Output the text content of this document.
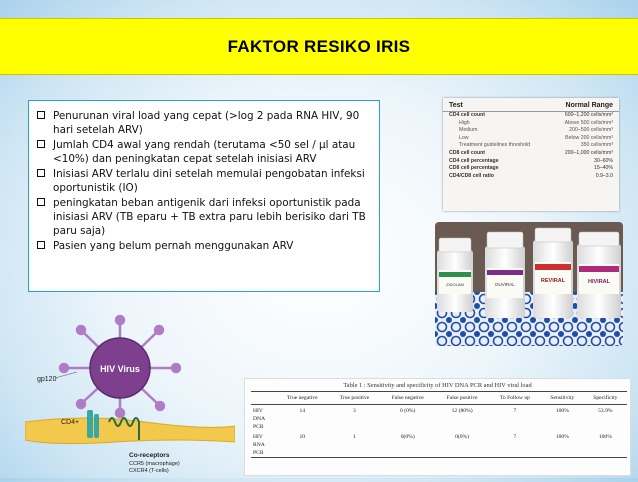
FAKTOR RESIKO IRIS
Penurunan viral load yang cepat (>log 2 pada RNA HIV, 90 hari setelah ARV)
Jumlah CD4 awal yang rendah (terutama <50 sel / µl atau <10%) dan peningkatan cepat setelah inisiasi ARV
Inisiasi ARV terlalu dini setelah memulai pengobatan infeksi oportunistik (IO)
peningkatan beban antigenik dari infeksi oportunistik pada inisiasi ARV (TB eparu + TB extra paru lebih berisiko dari TB paru saja)
Pasien yang belum pernah menggunakan ARV
Test	Normal Range
CD4 cell count	600–1,200 cells/mm³
High	Above 500 cells/mm³
Medium	200–500 cells/mm³
Low	Below 200 cells/mm³
Treatment guidelines threshold	350 cells/mm³
CD8 cell count	200–1,000 cells/mm³
CD4 cell percentage	30–60%
CD8 cell percentage	15–40%
CD4/CD8 cell ratio	0.9–3.0
ZIDOLAM	DUVIRAL
REVIRAL	HIVIRAL
HIV Virus
gp120
CD4+
Co-receptors
CCR5 (macrophage)
CXCR4 (T-cells)
Table 1 : Sensitivity and specificity of HIV DNA PCR and HIV viral load
	True negative	True positive	False negative	False positive	To Follow up	Sensitivity	Specificity
HIV	14	3	0 (0%)	12 (80%)	7	100%	53.9%
DNA							
PCR							
HIV	10	1	0(0%)	0(0%)	7	100%	100%
RNA							
PCR							
